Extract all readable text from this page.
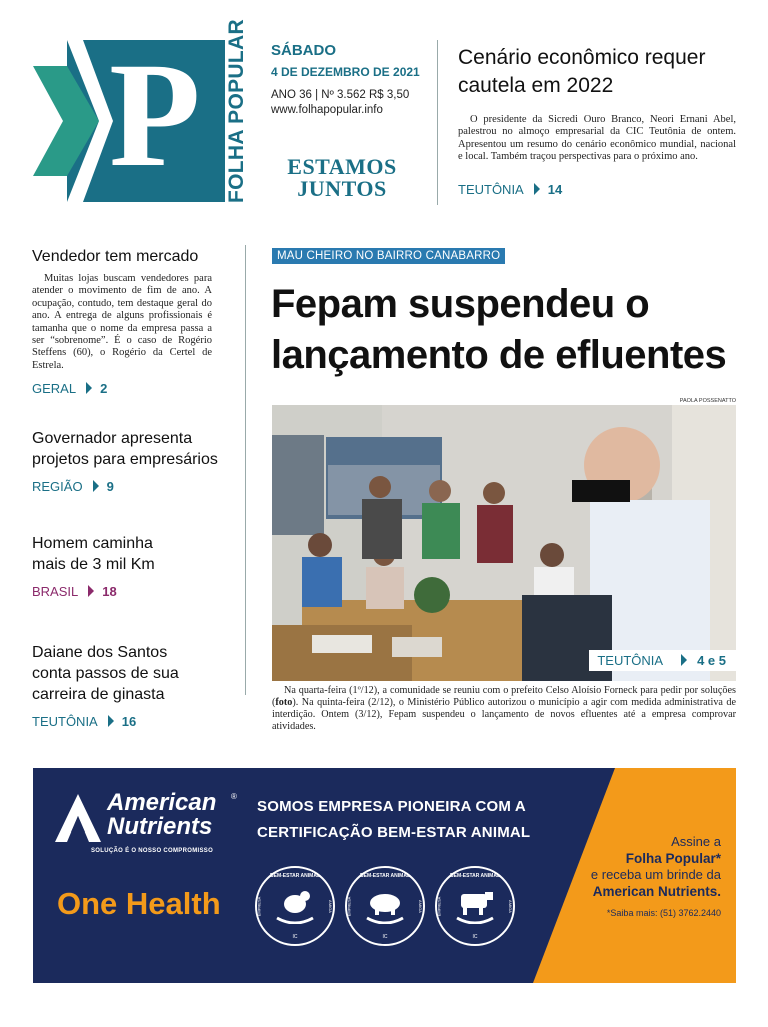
P FOLHA POPULAR SÁBADO
4 DE DEZEMBRO DE 2021
ANO 36 | Nº 3.562 R$ 3,50
www.folhapopular.info
ESTAMOS
JUNTOS
Cenário econômico requer cautela em 2022
O presidente da Sicredi Ouro Branco, Neori Ernani Abel, palestrou no almoço empresarial da CIC Teutônia de ontem. Apresentou um resumo do cenário econômico mundial, nacional e local. Também traçou perspectivas para o próximo ano.
TEUTÔNIA 14
Vendedor tem mercado
Muitas lojas buscam vendedores para atender o movimento de fim de ano. A ocupação, contudo, tem destaque geral do ano. A entrega de alguns profissionais é tamanha que o nome da empresa passa a ser “sobrenome”. É o caso de Rogério Steffens (60), o Rogério da Certel de Estrela.
GERAL 2
Governador apresenta projetos para empresários
REGIÃO 9
Homem caminha mais de 3 mil Km
BRASIL 18
Daiane dos Santos conta passos de sua carreira de ginasta
TEUTÔNIA 16
MAU CHEIRO NO BAIRRO CANABARRO
Fepam suspendeu o lançamento de efluentes
PAOLA POSSENATTO
TEUTÔNIA	4 e 5
Na quarta-feira (1º/12), a comunidade se reuniu com o prefeito Celso Aloísio Forneck para pedir por soluções (foto). Na quinta-feira (2/12), o Ministério Público autorizou o município a agir com medida administrativa de interdição. Ontem (3/12), Fepam suspendeu o lançamento de novos efluentes até a empresa comprovar atividades.
American ®
Nutrients
SOLUÇÃO É O NOSSO COMPROMISSO
One Health
SOMOS EMPRESA PIONEIRA COM A
CERTIFICAÇÃO BEM-ESTAR ANIMAL
BEM-ESTAR ANIMAL
EMPRESA	AMIGA
IC
BEM-ESTAR ANIMAL
EMPRESA	AMIGA
IC
BEM-ESTAR ANIMAL
EMPRESA	AMIGA
IC
Assine a
Folha Popular*
e receba um brinde da
American Nutrients.
*Saiba mais: (51) 3762.2440
